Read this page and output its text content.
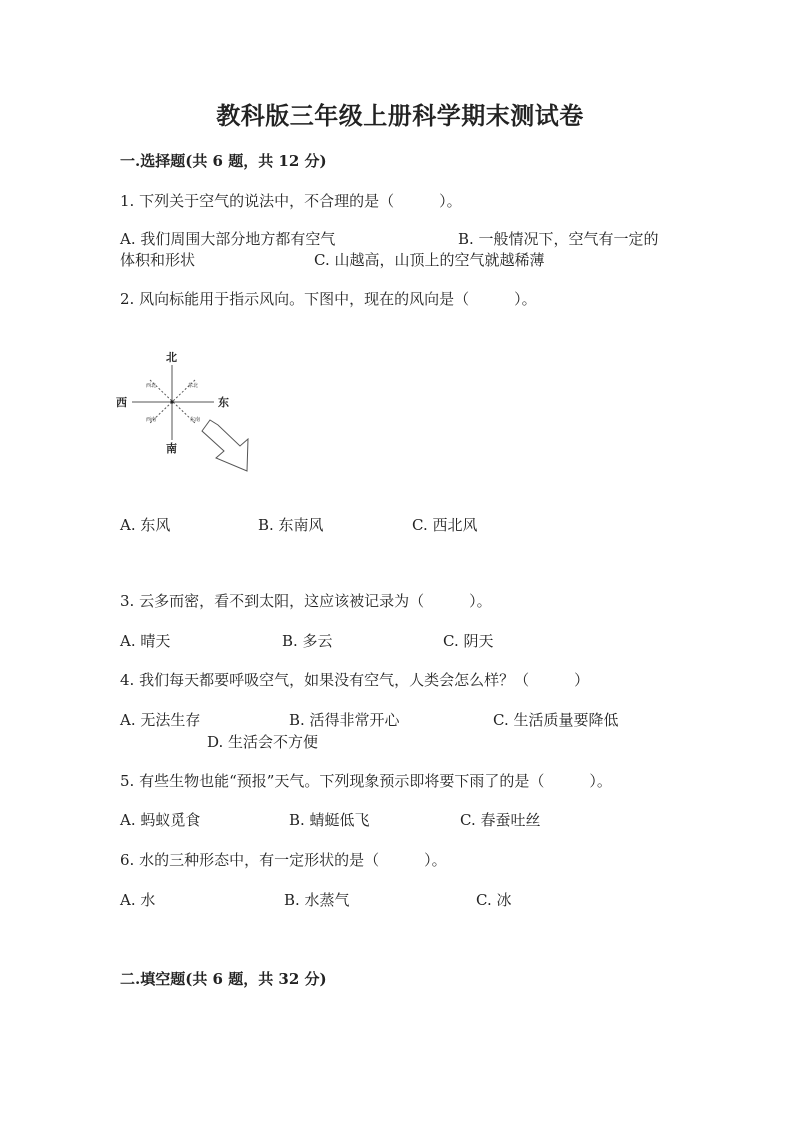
教科版三年级上册科学期末测试卷
一.选择题(共 6 题，共 12 分)
1. 下列关于空气的说法中，不合理的是（　　　）。
A. 我们周围大部分地方都有空气	B. 一般情况下，空气有一定的
体积和形状	C. 山越高，山顶上的空气就越稀薄
2. 风向标能用于指示风向。下图中，现在的风向是（　　　）。
北
南
东
西
西北	东北
西南	东南
A. 东风	B. 东南风	C. 西北风
3. 云多而密，看不到太阳，这应该被记录为（　　　）。
A. 晴天	B. 多云	C. 阴天
4. 我们每天都要呼吸空气，如果没有空气，人类会怎么样？（　　　）
A. 无法生存	B. 活得非常开心	C. 生活质量要降低
D. 生活会不方便
5. 有些生物也能“预报”天气。下列现象预示即将要下雨了的是（　　　）。
A. 蚂蚁觅食	B. 蜻蜓低飞	C. 春蚕吐丝
6. 水的三种形态中，有一定形状的是（　　　）。
A. 水	B. 水蒸气	C. 冰
二.填空题(共 6 题，共 32 分)
